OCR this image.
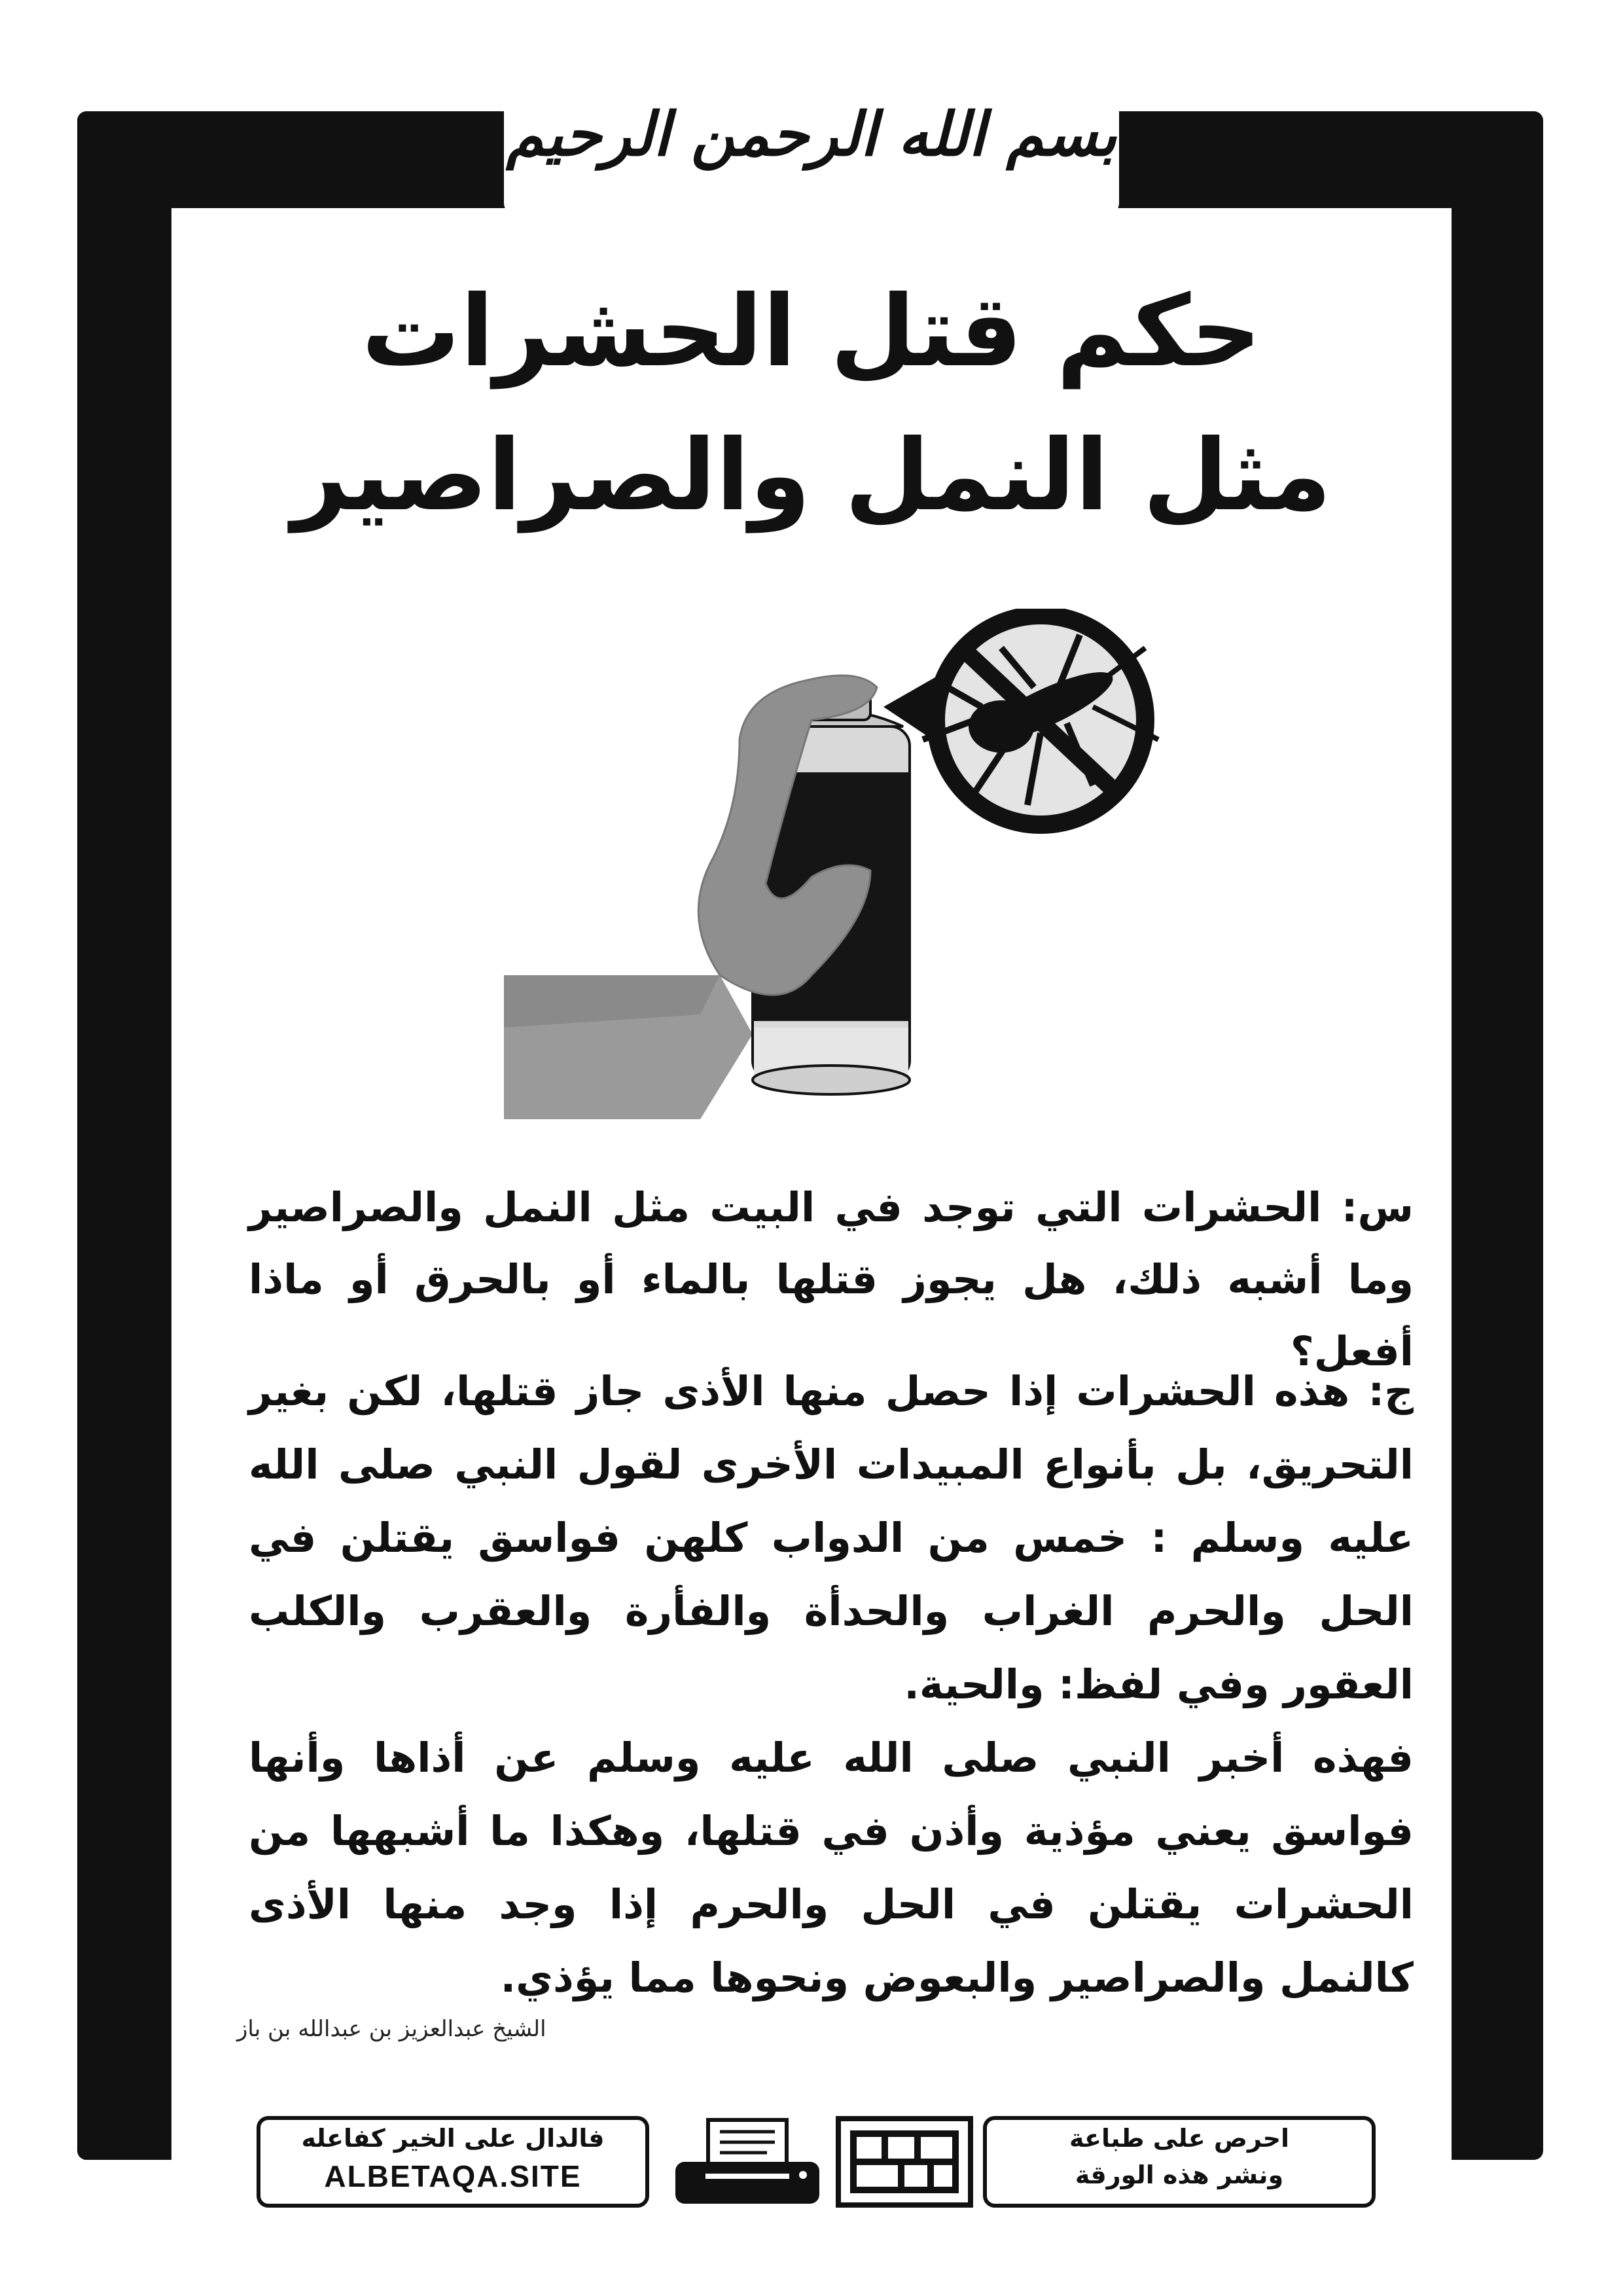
بسم الله الرحمن الرحيم
حكم قتل الحشرات
مثل النمل والصراصير
س: الحشرات التي توجد في البيت مثل النمل والصراصير وما أشبه ذلك، هل يجوز قتلها بالماء أو بالحرق أو ماذا أفعل؟

ج: هذه الحشرات إذا حصل منها الأذى جاز قتلها، لكن بغير التحريق، بل بأنواع المبيدات الأخرى لقول النبي صلى الله عليه وسلم : خمس من الدواب كلهن فواسق يقتلن في الحل والحرم الغراب والحدأة والفأرة والعقرب والكلب العقور وفي لفظ: والحية.

فهذه أخبر النبي صلى الله عليه وسلم عن أذاها وأنها فواسق يعني مؤذية وأذن في قتلها، وهكذا ما أشبهها من الحشرات يقتلن في الحل والحرم إذا وجد منها الأذى كالنمل والصراصير والبعوض ونحوها مما يؤذي.

الشيخ عبدالعزيز بن عبدالله بن باز
فالدال على الخير كفاعله
ALBETAQA.SITE
احرص على طباعة
ونشر هذه الورقة
